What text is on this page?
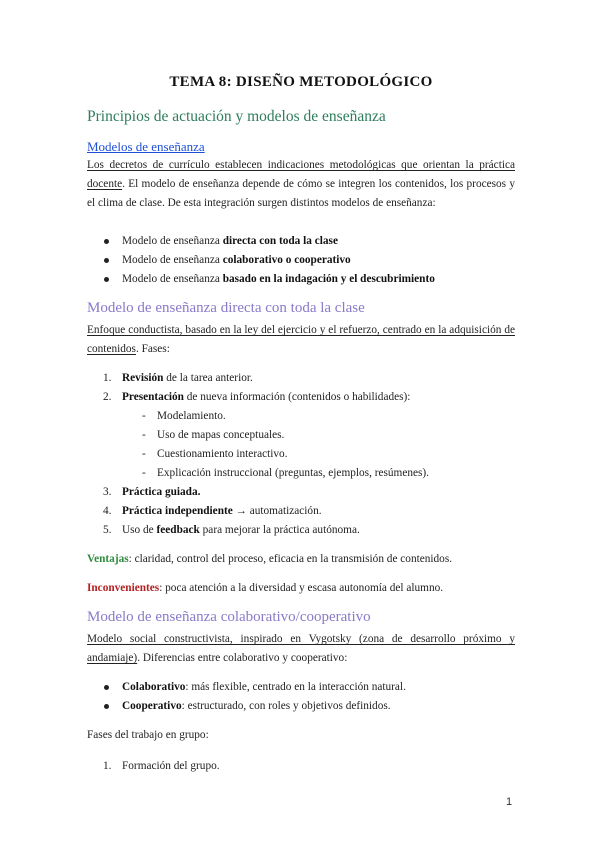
TEMA 8: DISEÑO METODOLÓGICO
Principios de actuación y modelos de enseñanza
Modelos de enseñanza
Los decretos de currículo establecen indicaciones metodológicas que orientan la práctica docente. El modelo de enseñanza depende de cómo se integren los contenidos, los procesos y el clima de clase. De esta integración surgen distintos modelos de enseñanza:
Modelo de enseñanza directa con toda la clase
Modelo de enseñanza colaborativo o cooperativo
Modelo de enseñanza basado en la indagación y el descubrimiento
Modelo de enseñanza directa con toda la clase
Enfoque conductista, basado en la ley del ejercicio y el refuerzo, centrado en la adquisición de contenidos. Fases:
1. Revisión de la tarea anterior.
2. Presentación de nueva información (contenidos o habilidades):
- Modelamiento.
- Uso de mapas conceptuales.
- Cuestionamiento interactivo.
- Explicación instruccional (preguntas, ejemplos, resúmenes).
3. Práctica guiada.
4. Práctica independiente → automatización.
5. Uso de feedback para mejorar la práctica autónoma.
Ventajas: claridad, control del proceso, eficacia en la transmisión de contenidos.
Inconvenientes: poca atención a la diversidad y escasa autonomía del alumno.
Modelo de enseñanza colaborativo/cooperativo
Modelo social constructivista, inspirado en Vygotsky (zona de desarrollo próximo y andamiaje). Diferencias entre colaborativo y cooperativo:
Colaborativo: más flexible, centrado en la interacción natural.
Cooperativo: estructurado, con roles y objetivos definidos.
Fases del trabajo en grupo:
1. Formación del grupo.
1
